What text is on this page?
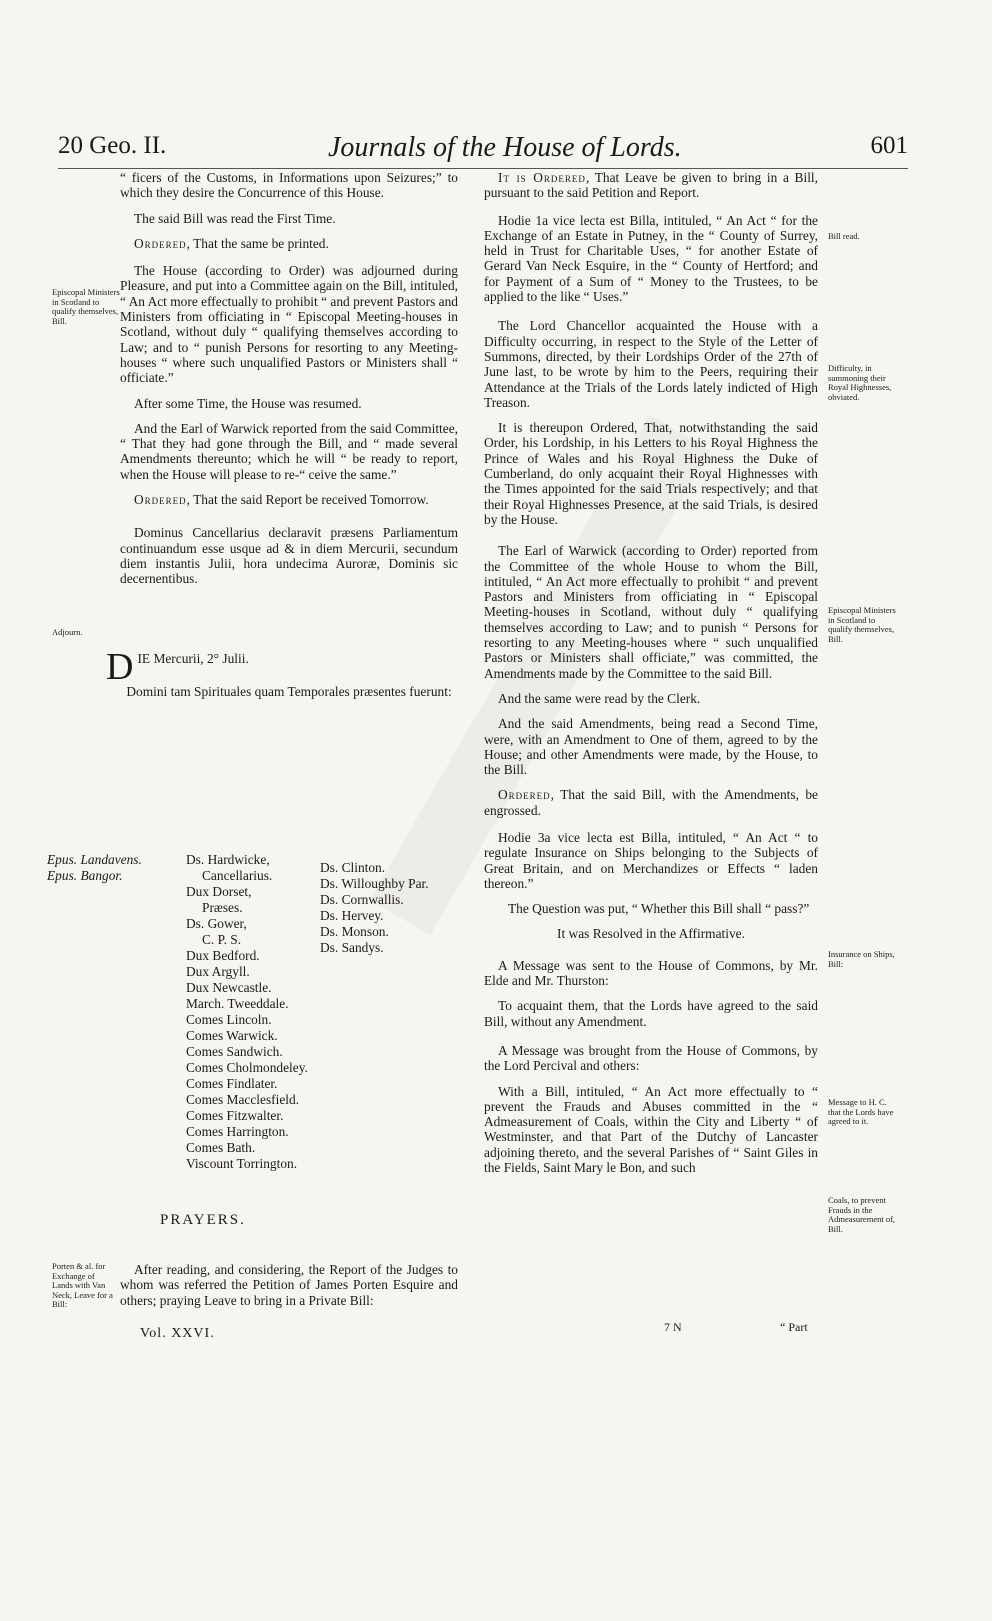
20 Geo. II.	Journals of the House of Lords.	601

“ ficers of the Customs, in Informations upon Seizures;” to which they desire the Concurrence of this House.

The said Bill was read the First Time.

Ordered, That the same be printed.

The House (according to Order) was adjourned during Pleasure, and put into a Committee again on the Bill, intituled, “ An Act more effectually to prohibit “ and prevent Pastors and Ministers from officiating in “ Episcopal Meeting-houses in Scotland, without duly “ qualifying themselves according to Law; and to “ punish Persons for resorting to any Meeting-houses “ where such unqualified Pastors or Ministers shall “ officiate.”

After some Time, the House was resumed.

And the Earl of Warwick reported from the said Committee, “ That they had gone through the Bill, and “ made several Amendments thereunto; which he will “ be ready to report, when the House will please to re-“ ceive the same.”

Ordered, That the said Report be received Tomorrow.

Dominus Cancellarius declaravit præsens Parliamentum continuandum esse usque ad & in diem Mercurii, secundum diem instantis Julii, hora undecima Auroræ, Dominis sic decernentibus.

DIE Mercurii, 2° Julii.

Domini tam Spirituales quam Temporales præsentes fuerunt:

Epus. Landavens.
Epus. Bangor.
Ds. Hardwicke,
Cancellarius.
Dux Dorset,
Præses.
Ds. Gower,
C. P. S.
Dux Bedford.
Dux Argyll.
Dux Newcastle.
March. Tweeddale.
Comes Lincoln.
Comes Warwick.
Comes Sandwich.
Comes Cholmondeley.
Comes Findlater.
Comes Macclesfield.
Comes Fitzwalter.
Comes Harrington.
Comes Bath.
Viscount Torrington.
Ds. Clinton.
Ds. Willoughby Par.
Ds. Cornwallis.
Ds. Hervey.
Ds. Monson.
Ds. Sandys.
PRAYERS.

After reading, and considering, the Report of the Judges to whom was referred the Petition of James Porten Esquire and others; praying Leave to bring in a Private Bill:

Vol. XXVI.

It is Ordered, That Leave be given to bring in a Bill, pursuant to the said Petition and Report.

Hodie 1a vice lecta est Billa, intituled, “ An Act “ for the Exchange of an Estate in Putney, in the “ County of Surrey, held in Trust for Charitable Uses, “ for another Estate of Gerard Van Neck Esquire, in the “ County of Hertford; and for Payment of a Sum of “ Money to the Trustees, to be applied to the like “ Uses.”

The Lord Chancellor acquainted the House with a Difficulty occurring, in respect to the Style of the Letter of Summons, directed, by their Lordships Order of the 27th of June last, to be wrote by him to the Peers, requiring their Attendance at the Trials of the Lords lately indicted of High Treason.

It is thereupon Ordered, That, notwithstanding the said Order, his Lordship, in his Letters to his Royal Highness the Prince of Wales and his Royal Highness the Duke of Cumberland, do only acquaint their Royal Highnesses with the Times appointed for the said Trials respectively; and that their Royal Highnesses Presence, at the said Trials, is desired by the House.

The Earl of Warwick (according to Order) reported from the Committee of the whole House to whom the Bill, intituled, “ An Act more effectually to prohibit “ and prevent Pastors and Ministers from officiating in “ Episcopal Meeting-houses in Scotland, without duly “ qualifying themselves according to Law; and to punish “ Persons for resorting to any Meeting-houses where “ such unqualified Pastors or Ministers shall officiate,” was committed, the Amendments made by the Committee to the said Bill.

And the same were read by the Clerk.

And the said Amendments, being read a Second Time, were, with an Amendment to One of them, agreed to by the House; and other Amendments were made, by the House, to the Bill.

Ordered, That the said Bill, with the Amendments, be engrossed.

Hodie 3a vice lecta est Billa, intituled, “ An Act “ to regulate Insurance on Ships belonging to the Subjects of Great Britain, and on Merchandizes or Effects “ laden thereon.”

The Question was put, “ Whether this Bill shall “ pass?”

It was Resolved in the Affirmative.

A Message was sent to the House of Commons, by Mr. Elde and Mr. Thurston:

To acquaint them, that the Lords have agreed to the said Bill, without any Amendment.

A Message was brought from the House of Commons, by the Lord Percival and others:

With a Bill, intituled, “ An Act more effectually to “ prevent the Frauds and Abuses committed in the “ Admeasurement of Coals, within the City and Liberty “ of Westminster, and that Part of the Dutchy of Lancaster adjoining thereto, and the several Parishes of “ Saint Giles in the Fields, Saint Mary le Bon, and such

7 N	“ Part
Episcopal Ministers in Scotland to qualify themselves, Bill.
Adjourn.
Porten & al. for Exchange of Lands with Van Neck, Leave for a Bill:
Bill read.
Difficulty, in summoning their Royal Highnesses, obviated.
Episcopal Ministers in Scotland to qualify themselves, Bill.
Insurance on Ships, Bill:
Message to H. C. that the Lords have agreed to it.
Coals, to prevent Frauds in the Admeasurement of, Bill.
